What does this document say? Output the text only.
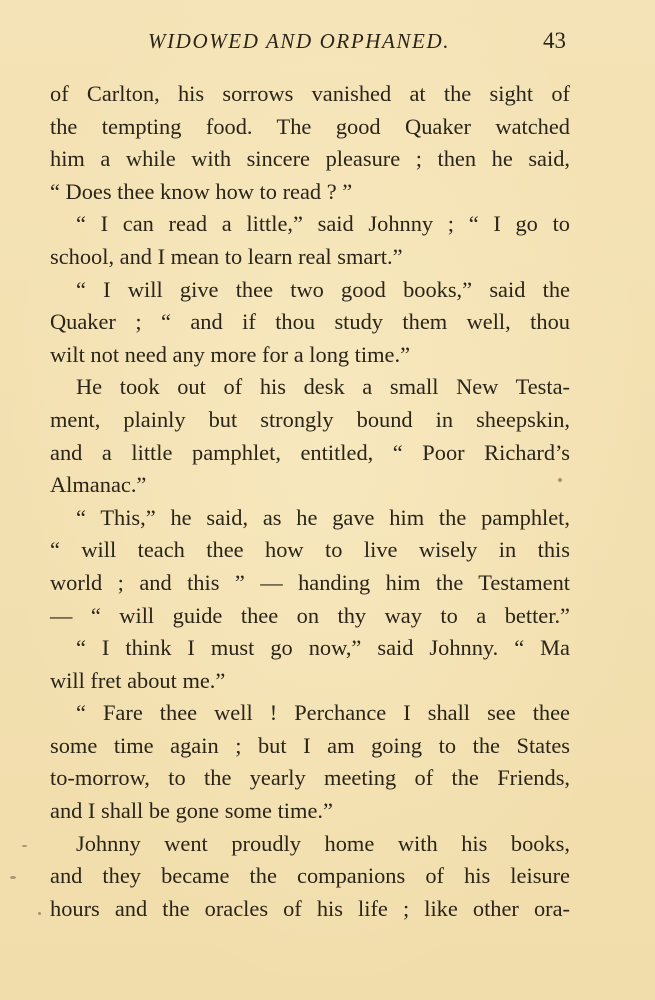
WIDOWED AND ORPHANED.	43
of Carlton, his sorrows vanished at the sight of
the tempting food. The good Quaker watched
him a while with sincere pleasure ; then he said,
“ Does thee know how to read ? ”
“ I can read a little,” said Johnny ; “ I go to
school, and I mean to learn real smart.”
“ I will give thee two good books,” said the
Quaker ; “ and if thou study them well, thou
wilt not need any more for a long time.”
He took out of his desk a small New Testa-
ment, plainly but strongly bound in sheepskin,
and a little pamphlet, entitled, “ Poor Richard’s
Almanac.”
“ This,” he said, as he gave him the pamphlet,
“ will teach thee how to live wisely in this
world ; and this ” — handing him the Testament
— “ will guide thee on thy way to a better.”
“ I think I must go now,” said Johnny. “ Ma
will fret about me.”
“ Fare thee well ! Perchance I shall see thee
some time again ; but I am going to the States
to-morrow, to the yearly meeting of the Friends,
and I shall be gone some time.”
Johnny went proudly home with his books,
and they became the companions of his leisure
hours and the oracles of his life ; like other ora-
